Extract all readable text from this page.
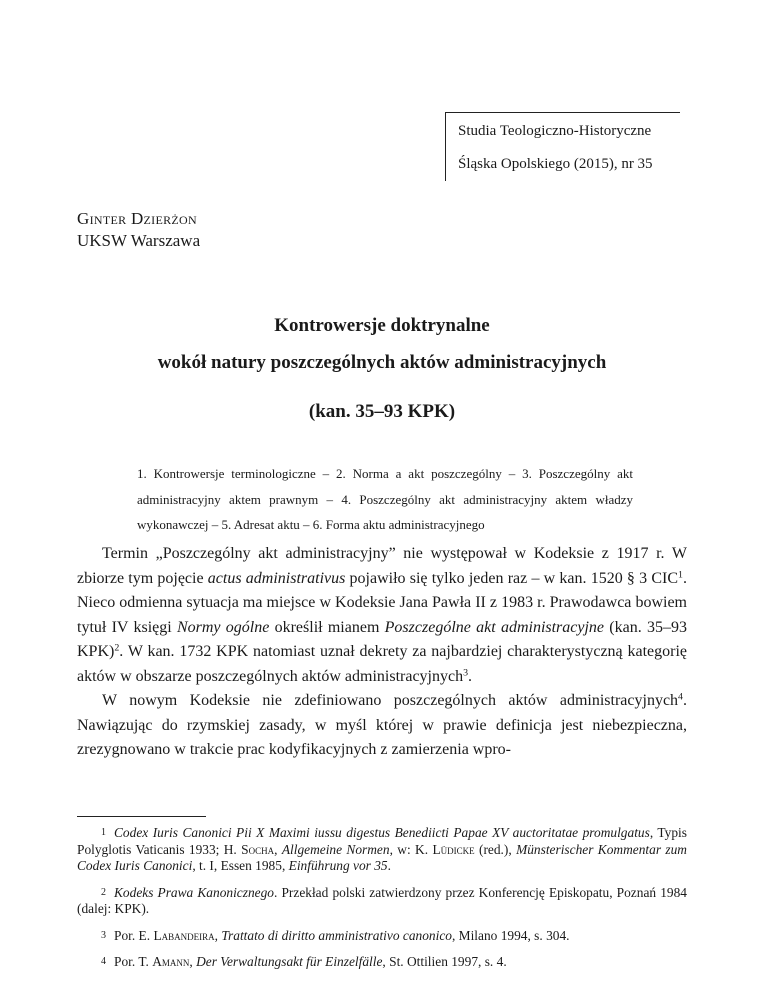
Studia Teologiczno-Historyczne
Śląska Opolskiego (2015), nr 35
Ginter Dzierżon
UKSW Warszawa
Kontrowersje doktrynalne
wokół natury poszczególnych aktów administracyjnych
(kan. 35–93 KPK)
1. Kontrowersje terminologiczne – 2. Norma a akt poszczególny – 3. Poszczególny akt administracyjny aktem prawnym – 4. Poszczególny akt administracyjny aktem władzy wykonawczej – 5. Adresat aktu – 6. Forma aktu administracyjnego

Termin „Poszczególny akt administracyjny” nie występował w Kodeksie z 1917 r. W zbiorze tym pojęcie actus administrativus pojawiło się tylko jeden raz – w kan. 1520 § 3 CIC$^1$. Nieco odmienna sytuacja ma miejsce w Kodeksie Jana Pawła II z 1983 r. Prawodawca bowiem tytuł IV księgi Normy ogólne określił mianem Poszczególne akt administracyjne (kan. 35–93 KPK)$^2$. W kan. 1732 KPK natomiast uznał dekrety za najbardziej charakterystyczną kategorię aktów w obszarze poszczególnych aktów administracyjnych$^3$.

W nowym Kodeksie nie zdefiniowano poszczególnych aktów administracyjnych$^4$. Nawiązując do rzymskiej zasady, w myśl której w prawie definicja jest niebezpieczna, zrezygnowano w trakcie prac kodyfikacyjnych z zamierzenia wpro-

1 Codex Iuris Canonici Pii X Maximi iussu digestus Benediicti Papae XV auctoritatae promulgatus, Typis Polyglotis Vaticanis 1933; H. Socha, Allgemeine Normen, w: K. Lüdicke (red.), Münsterischer Kommentar zum Codex Iuris Canonici, t. I, Essen 1985, Einführung vor 35.

2 Kodeks Prawa Kanonicznego. Przekład polski zatwierdzony przez Konferencję Episkopatu, Poznań 1984 (dalej: KPK).

3 Por. E. Labandeira, Trattato di diritto amministrativo canonico, Milano 1994, s. 304.

4 Por. T. Amann, Der Verwaltungsakt für Einzelfälle, St. Ottilien 1997, s. 4.
